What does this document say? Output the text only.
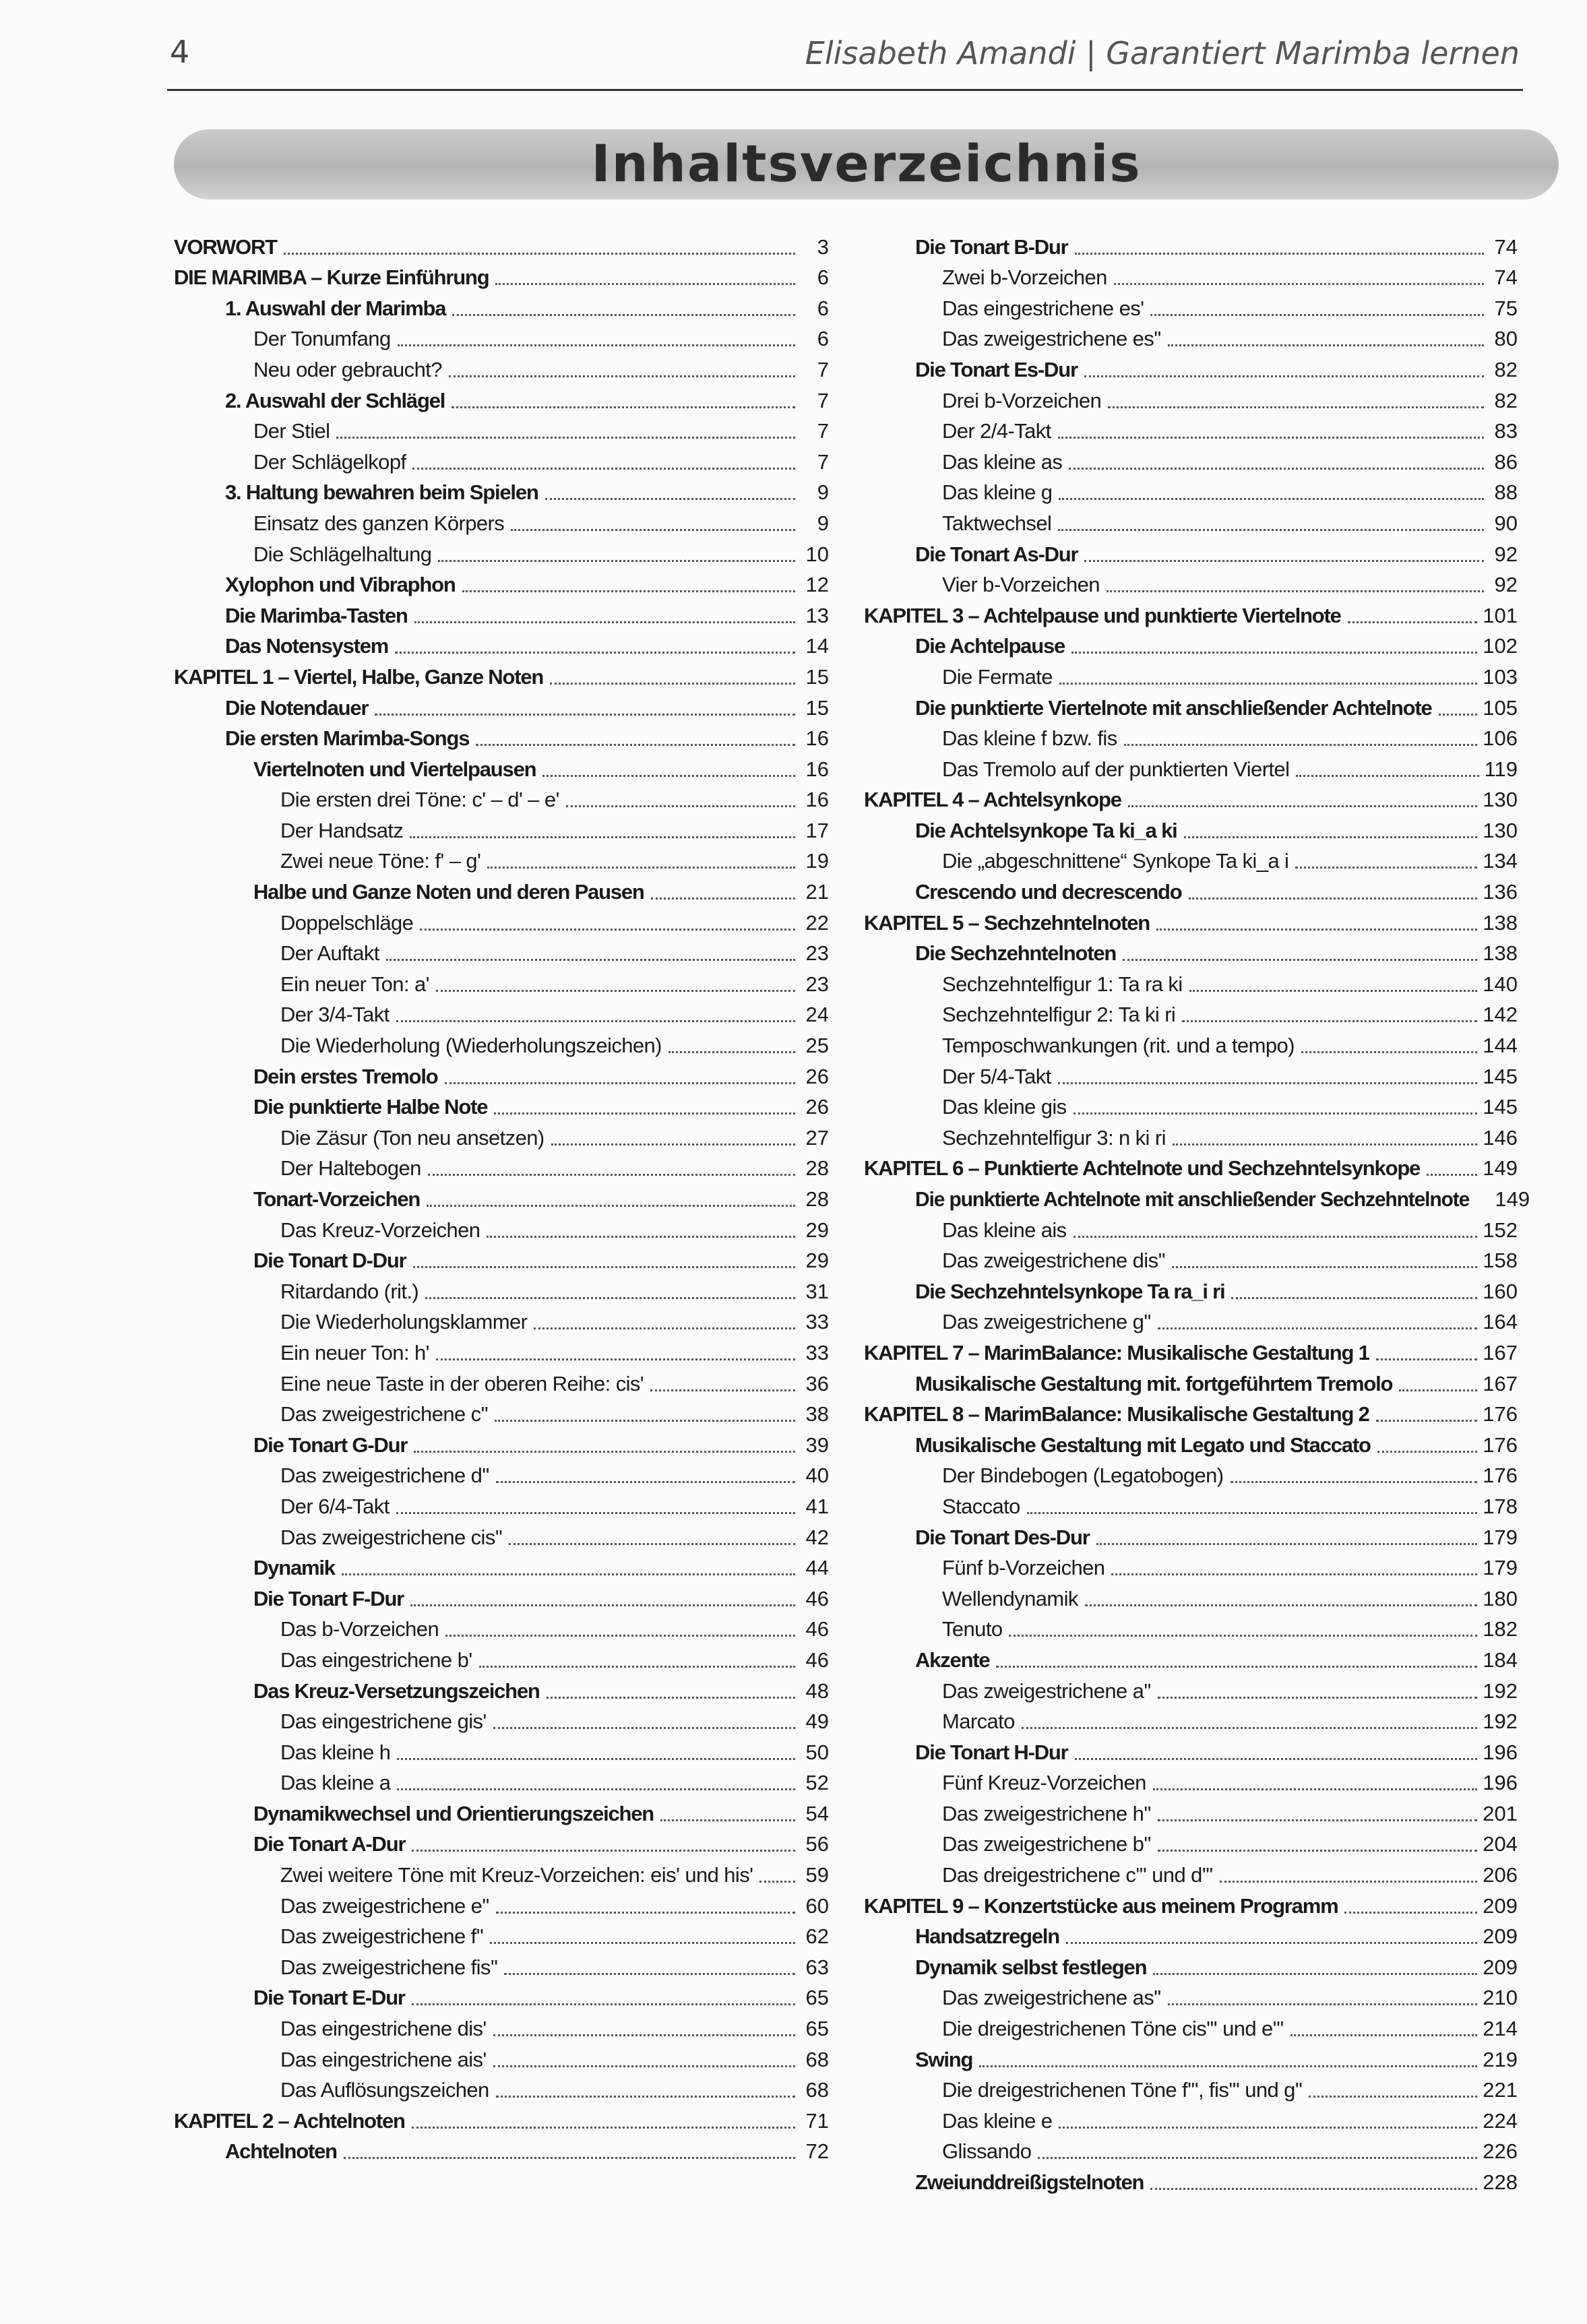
4	Elisabeth Amandi | Garantiert Marimba lernen
Inhaltsverzeichnis
VORWORT	3
DIE MARIMBA – Kurze Einführung	6
1. Auswahl der Marimba	6
Der Tonumfang	6
Neu oder gebraucht?	7
2. Auswahl der Schlägel	7
Der Stiel	7
Der Schlägelkopf	7
3. Haltung bewahren beim Spielen	9
Einsatz des ganzen Körpers	9
Die Schlägelhaltung	10
Xylophon und Vibraphon	12
Die Marimba-Tasten	13
Das Notensystem	14
KAPITEL 1 – Viertel, Halbe, Ganze Noten	15
Die Notendauer	15
Die ersten Marimba-Songs	16
Viertelnoten und Viertelpausen	16
Die ersten drei Töne: c' – d' – e'	16
Der Handsatz	17
Zwei neue Töne: f' – g'	19
Halbe und Ganze Noten und deren Pausen	21
Doppelschläge	22
Der Auftakt	23
Ein neuer Ton: a'	23
Der 3/4-Takt	24
Die Wiederholung (Wiederholungszeichen)	25
Dein erstes Tremolo	26
Die punktierte Halbe Note	26
Die Zäsur (Ton neu ansetzen)	27
Der Haltebogen	28
Tonart-Vorzeichen	28
Das Kreuz-Vorzeichen	29
Die Tonart D-Dur	29
Ritardando (rit.)	31
Die Wiederholungsklammer	33
Ein neuer Ton: h'	33
Eine neue Taste in der oberen Reihe: cis'	36
Das zweigestrichene c''	38
Die Tonart G-Dur	39
Das zweigestrichene d''	40
Der 6/4-Takt	41
Das zweigestrichene cis''	42
Dynamik	44
Die Tonart F-Dur	46
Das b-Vorzeichen	46
Das eingestrichene b'	46
Das Kreuz-Versetzungszeichen	48
Das eingestrichene gis'	49
Das kleine h	50
Das kleine a	52
Dynamikwechsel und Orientierungszeichen	54
Die Tonart A-Dur	56
Zwei weitere Töne mit Kreuz-Vorzeichen: eis' und his'	59
Das zweigestrichene e''	60
Das zweigestrichene f''	62
Das zweigestrichene fis''	63
Die Tonart E-Dur	65
Das eingestrichene dis'	65
Das eingestrichene ais'	68
Das Auflösungszeichen	68
KAPITEL 2 – Achtelnoten	71
Achtelnoten	72
Die Tonart B-Dur	74
Zwei b-Vorzeichen	74
Das eingestrichene es'	75
Das zweigestrichene es''	80
Die Tonart Es-Dur	82
Drei b-Vorzeichen	82
Der 2/4-Takt	83
Das kleine as	86
Das kleine g	88
Taktwechsel	90
Die Tonart As-Dur	92
Vier b-Vorzeichen	92
KAPITEL 3 – Achtelpause und punktierte Viertelnote	101
Die Achtelpause	102
Die Fermate	103
Die punktierte Viertelnote mit anschließender Achtelnote 105
Das kleine f bzw. fis	106
Das Tremolo auf der punktierten Viertel	119
KAPITEL 4 – Achtelsynkope	130
Die Achtelsynkope Ta ki_a ki	130
Die „abgeschnittene“ Synkope Ta ki_a i	134
Crescendo und decrescendo	136
KAPITEL 5 – Sechzehntelnoten	138
Die Sechzehntelnoten	138
Sechzehntelfigur 1: Ta ra ki	140
Sechzehntelfigur 2: Ta ki ri	142
Temposchwankungen (rit. und a tempo)	144
Der 5/4-Takt	145
Das kleine gis	145
Sechzehntelfigur 3: n ki ri	146
KAPITEL 6 – Punktierte Achtelnote und Sechzehntelsynkope	149
Die punktierte Achtelnote mit anschließender Sechzehntelnote 149
Das kleine ais	152
Das zweigestrichene dis''	158
Die Sechzehntelsynkope Ta ra_i ri	160
Das zweigestrichene g''	164
KAPITEL 7 – MarimBalance: Musikalische Gestaltung 1	167
Musikalische Gestaltung mit. fortgeführtem Tremolo	167
KAPITEL 8 – MarimBalance: Musikalische Gestaltung 2	176
Musikalische Gestaltung mit Legato und Staccato	176
Der Bindebogen (Legatobogen)	176
Staccato	178
Die Tonart Des-Dur	179
Fünf b-Vorzeichen	179
Wellendynamik	180
Tenuto	182
Akzente	184
Das zweigestrichene a''	192
Marcato	192
Die Tonart H-Dur	196
Fünf Kreuz-Vorzeichen	196
Das zweigestrichene h''	201
Das zweigestrichene b''	204
Das dreigestrichene c''' und d'''	206
KAPITEL 9 – Konzertstücke aus meinem Programm	209
Handsatzregeln	209
Dynamik selbst festlegen	209
Das zweigestrichene as''	210
Die dreigestrichenen Töne cis''' und e'''	214
Swing	219
Die dreigestrichenen Töne f''', fis''' und g''	221
Das kleine e	224
Glissando	226
Zweiunddreißigstelnoten	228
